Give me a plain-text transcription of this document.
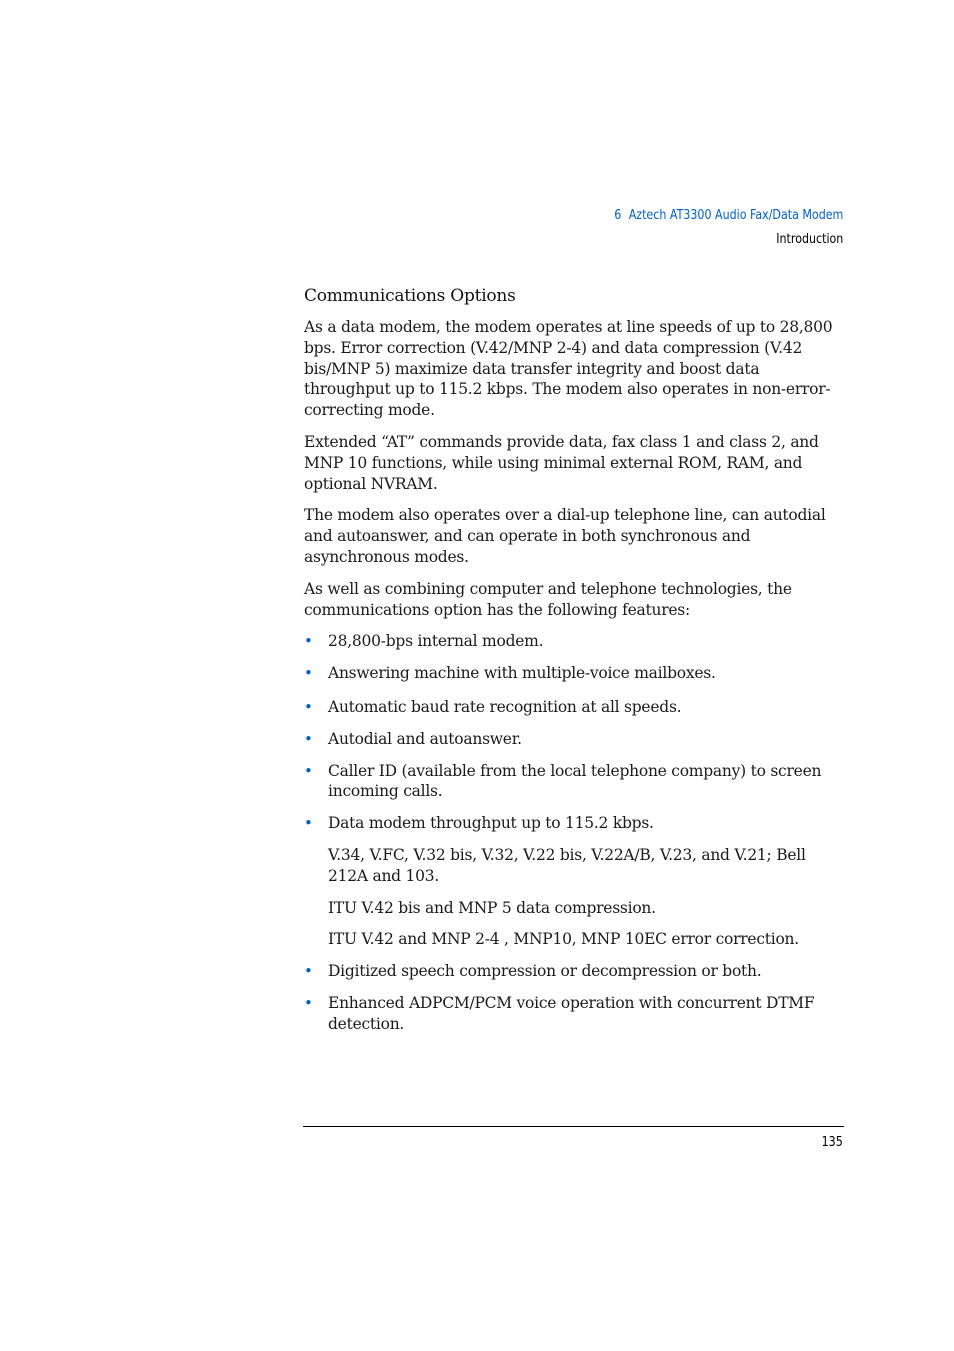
6 Aztech AT3300 Audio Fax/Data Modem
Introduction
Communications Options

As a data modem, the modem operates at line speeds of up to 28,800 bps. Error correction (V.42/MNP 2-4) and data compression (V.42 bis/MNP 5) maximize data transfer integrity and boost data throughput up to 115.2 kbps. The modem also operates in non-error-correcting mode.

Extended “AT” commands provide data, fax class 1 and class 2, and MNP 10 functions, while using minimal external ROM, RAM, and optional NVRAM.

The modem also operates over a dial-up telephone line, can autodial and autoanswer, and can operate in both synchronous and asynchronous modes.

As well as combining computer and telephone technologies, the communications option has the following features:

• 28,800-bps internal modem.
• Answering machine with multiple-voice mailboxes.
• Automatic baud rate recognition at all speeds.
• Autodial and autoanswer.
• Caller ID (available from the local telephone company) to screen incoming calls.
• Data modem throughput up to 115.2 kbps.

V.34, V.FC, V.32 bis, V.32, V.22 bis, V.22A/B, V.23, and V.21; Bell 212A and 103.

ITU V.42 bis and MNP 5 data compression.

ITU V.42 and MNP 2-4 , MNP10, MNP 10EC error correction.

• Digitized speech compression or decompression or both.
• Enhanced ADPCM/PCM voice operation with concurrent DTMF detection.
135
